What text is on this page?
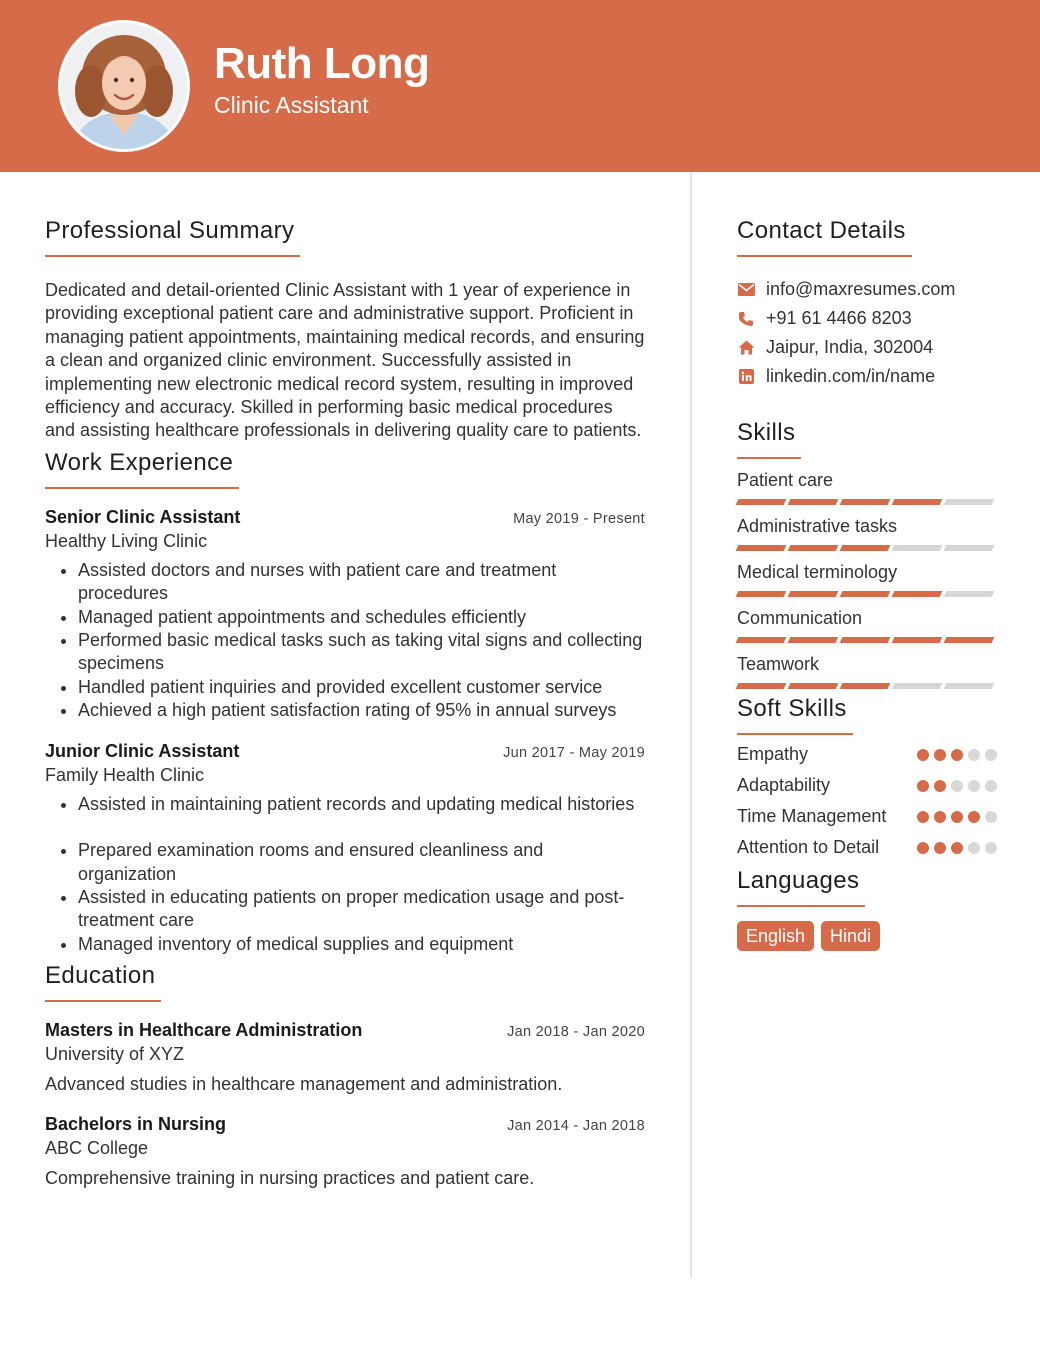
Ruth Long
Clinic Assistant
Professional Summary

Dedicated and detail-oriented Clinic Assistant with 1 year of experience in providing exceptional patient care and administrative support. Proficient in managing patient appointments, maintaining medical records, and ensuring a clean and organized clinic environment. Successfully assisted in implementing new electronic medical record system, resulting in improved efficiency and accuracy. Skilled in performing basic medical procedures and assisting healthcare professionals in delivering quality care to patients.

Work Experience
Senior Clinic Assistant	May 2019 - Present
Healthy Living Clinic
• Assisted doctors and nurses with patient care and treatment procedures
• Managed patient appointments and schedules efficiently
• Performed basic medical tasks such as taking vital signs and collecting specimens
• Handled patient inquiries and provided excellent customer service
• Achieved a high patient satisfaction rating of 95% in annual surveys
Junior Clinic Assistant	Jun 2017 - May 2019
Family Health Clinic
• Assisted in maintaining patient records and updating medical histories
• Prepared examination rooms and ensured cleanliness and organization
• Assisted in educating patients on proper medication usage and post-treatment care
• Managed inventory of medical supplies and equipment
Education
Masters in Healthcare Administration	Jan 2018 - Jan 2020
University of XYZ

Advanced studies in healthcare management and administration.

Bachelors in Nursing	Jan 2014 - Jan 2018
ABC College

Comprehensive training in nursing practices and patient care.

Contact Details
info@maxresumes.com
+91 61 4466 8203
Jaipur, India, 302004
linkedin.com/in/name
Skills
Patient care
Administrative tasks
Medical terminology
Communication
Teamwork
Soft Skills
Empathy
Adaptability
Time Management
Attention to Detail
Languages
English	Hindi
